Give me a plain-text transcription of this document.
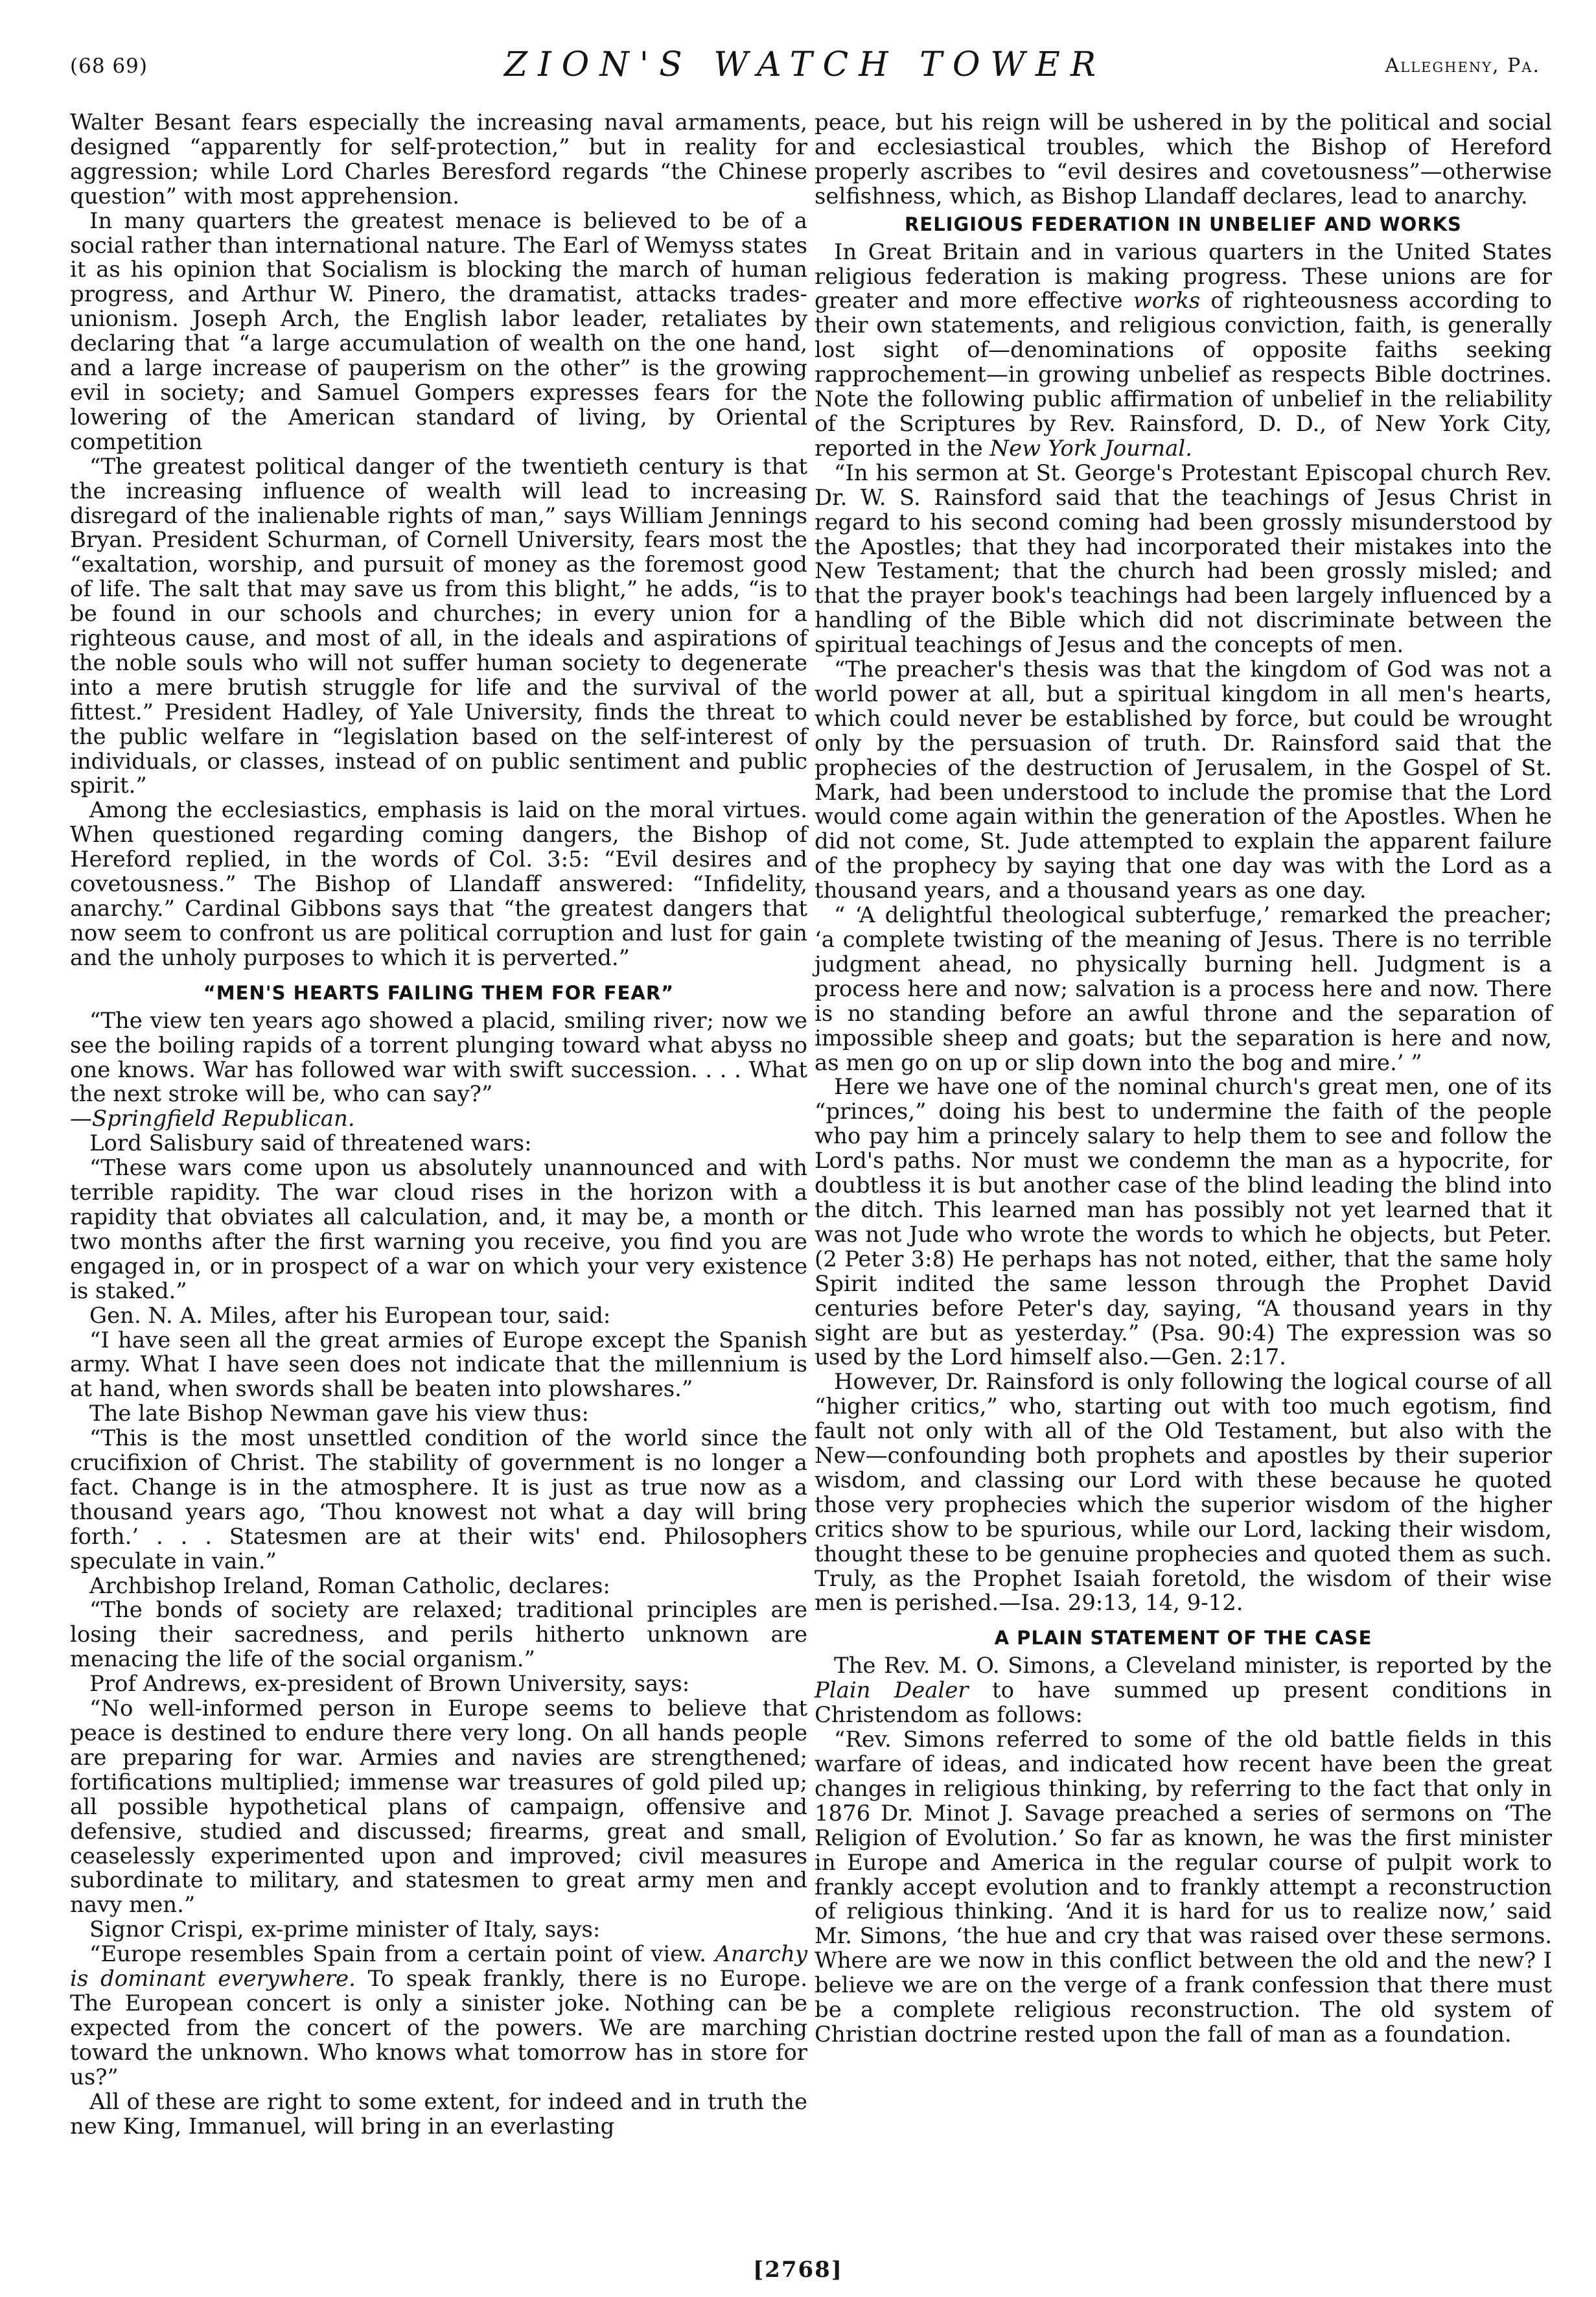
(68 69)	ZION'S WATCH TOWER	Allegheny, Pa.

Walter Besant fears especially the increasing naval armaments, designed “apparently for self-protection,” but in reality for aggression; while Lord Charles Beresford regards “the Chinese question” with most apprehension.

In many quarters the greatest menace is believed to be of a social rather than international nature. The Earl of Wemyss states it as his opinion that Socialism is blocking the march of human progress, and Arthur W. Pinero, the dramatist, attacks trades-unionism. Joseph Arch, the English labor leader, retaliates by declaring that “a large accumulation of wealth on the one hand, and a large increase of pauperism on the other” is the growing evil in society; and Samuel Gompers expresses fears for the lowering of the American standard of living, by Oriental competition

“The greatest political danger of the twentieth century is that the increasing influence of wealth will lead to increasing disregard of the inalienable rights of man,” says William Jennings Bryan. President Schurman, of Cornell University, fears most the “exaltation, worship, and pursuit of money as the foremost good of life. The salt that may save us from this blight,” he adds, “is to be found in our schools and churches; in every union for a righteous cause, and most of all, in the ideals and aspirations of the noble souls who will not suffer human society to degenerate into a mere brutish struggle for life and the survival of the fittest.” President Hadley, of Yale University, finds the threat to the public welfare in “legislation based on the self-interest of individuals, or classes, instead of on public sentiment and public spirit.”

Among the ecclesiastics, emphasis is laid on the moral virtues. When questioned regarding coming dangers, the Bishop of Hereford replied, in the words of Col. 3:5: “Evil desires and covetousness.” The Bishop of Llandaff answered: “Infidelity, anarchy.” Cardinal Gibbons says that “the greatest dangers that now seem to confront us are political corruption and lust for gain and the unholy purposes to which it is perverted.”

“MEN'S HEARTS FAILING THEM FOR FEAR”

“The view ten years ago showed a placid, smiling river; now we see the boiling rapids of a torrent plunging toward what abyss no one knows. War has followed war with swift succession. . . . What the next stroke will be, who can say?”
—Springfield Republican.

Lord Salisbury said of threatened wars:

“These wars come upon us absolutely unannounced and with terrible rapidity. The war cloud rises in the horizon with a rapidity that obviates all calculation, and, it may be, a month or two months after the first warning you receive, you find you are engaged in, or in prospect of a war on which your very existence is staked.”

Gen. N. A. Miles, after his European tour, said:

“I have seen all the great armies of Europe except the Spanish army. What I have seen does not indicate that the millennium is at hand, when swords shall be beaten into plowshares.”

The late Bishop Newman gave his view thus:

“This is the most unsettled condition of the world since the crucifixion of Christ. The stability of government is no longer a fact. Change is in the atmosphere. It is just as true now as a thousand years ago, ‘Thou knowest not what a day will bring forth.’ . . . Statesmen are at their wits' end. Philosophers speculate in vain.”

Archbishop Ireland, Roman Catholic, declares:

“The bonds of society are relaxed; traditional principles are losing their sacredness, and perils hitherto unknown are menacing the life of the social organism.”

Prof Andrews, ex-president of Brown University, says:

“No well-informed person in Europe seems to believe that peace is destined to endure there very long. On all hands people are preparing for war. Armies and navies are strengthened; fortifications multiplied; immense war treasures of gold piled up; all possible hypothetical plans of campaign, offensive and defensive, studied and discussed; firearms, great and small, ceaselessly experimented upon and improved; civil measures subordinate to military, and statesmen to great army men and navy men.”

Signor Crispi, ex-prime minister of Italy, says:

“Europe resembles Spain from a certain point of view. Anarchy is dominant everywhere. To speak frankly, there is no Europe. The European concert is only a sinister joke. Nothing can be expected from the concert of the powers. We are marching toward the unknown. Who knows what tomorrow has in store for us?”

All of these are right to some extent, for indeed and in truth the new King, Immanuel, will bring in an everlasting

peace, but his reign will be ushered in by the political and social and ecclesiastical troubles, which the Bishop of Hereford properly ascribes to “evil desires and covetousness”—otherwise selfishness, which, as Bishop Llandaff declares, lead to anarchy.

RELIGIOUS FEDERATION IN UNBELIEF AND WORKS

In Great Britain and in various quarters in the United States religious federation is making progress. These unions are for greater and more effective works of righteousness according to their own statements, and religious conviction, faith, is generally lost sight of—denominations of opposite faiths seeking rapprochement—in growing unbelief as respects Bible doctrines. Note the following public affirmation of unbelief in the reliability of the Scriptures by Rev. Rainsford, D. D., of New York City, reported in the New York Journal.

“In his sermon at St. George's Protestant Episcopal church Rev. Dr. W. S. Rainsford said that the teachings of Jesus Christ in regard to his second coming had been grossly misunderstood by the Apostles; that they had incorporated their mistakes into the New Testament; that the church had been grossly misled; and that the prayer book's teachings had been largely influenced by a handling of the Bible which did not discriminate between the spiritual teachings of Jesus and the concepts of men.

“The preacher's thesis was that the kingdom of God was not a world power at all, but a spiritual kingdom in all men's hearts, which could never be established by force, but could be wrought only by the persuasion of truth. Dr. Rainsford said that the prophecies of the destruction of Jerusalem, in the Gospel of St. Mark, had been understood to include the promise that the Lord would come again within the generation of the Apostles. When he did not come, St. Jude attempted to explain the apparent failure of the prophecy by saying that one day was with the Lord as a thousand years, and a thousand years as one day.

“ ‘A delightful theological subterfuge,’ remarked the preacher; ‘a complete twisting of the meaning of Jesus. There is no terrible judgment ahead, no physically burning hell. Judgment is a process here and now; salvation is a process here and now. There is no standing before an awful throne and the separation of impossible sheep and goats; but the separation is here and now, as men go on up or slip down into the bog and mire.’ ”

Here we have one of the nominal church's great men, one of its “princes,” doing his best to undermine the faith of the people who pay him a princely salary to help them to see and follow the Lord's paths. Nor must we condemn the man as a hypocrite, for doubtless it is but another case of the blind leading the blind into the ditch. This learned man has possibly not yet learned that it was not Jude who wrote the words to which he objects, but Peter. (2 Peter 3:8) He perhaps has not noted, either, that the same holy Spirit indited the same lesson through the Prophet David centuries before Peter's day, saying, “A thousand years in thy sight are but as yesterday.” (Psa. 90:4) The expression was so used by the Lord himself also.—Gen. 2:17.

However, Dr. Rainsford is only following the logical course of all “higher critics,” who, starting out with too much egotism, find fault not only with all of the Old Testament, but also with the New—confounding both prophets and apostles by their superior wisdom, and classing our Lord with these because he quoted those very prophecies which the superior wisdom of the higher critics show to be spurious, while our Lord, lacking their wisdom, thought these to be genuine prophecies and quoted them as such. Truly, as the Prophet Isaiah foretold, the wisdom of their wise men is perished.—Isa. 29:13, 14, 9-12.

A PLAIN STATEMENT OF THE CASE

The Rev. M. O. Simons, a Cleveland minister, is reported by the Plain Dealer to have summed up present conditions in Christendom as follows:

“Rev. Simons referred to some of the old battle fields in this warfare of ideas, and indicated how recent have been the great changes in religious thinking, by referring to the fact that only in 1876 Dr. Minot J. Savage preached a series of sermons on ‘The Religion of Evolution.’ So far as known, he was the first minister in Europe and America in the regular course of pulpit work to frankly accept evolution and to frankly attempt a reconstruction of religious thinking. ‘And it is hard for us to realize now,’ said Mr. Simons, ‘the hue and cry that was raised over these sermons. Where are we now in this conflict between the old and the new? I believe we are on the verge of a frank confession that there must be a complete religious reconstruction. The old system of Christian doctrine rested upon the fall of man as a foundation.

[2768]
